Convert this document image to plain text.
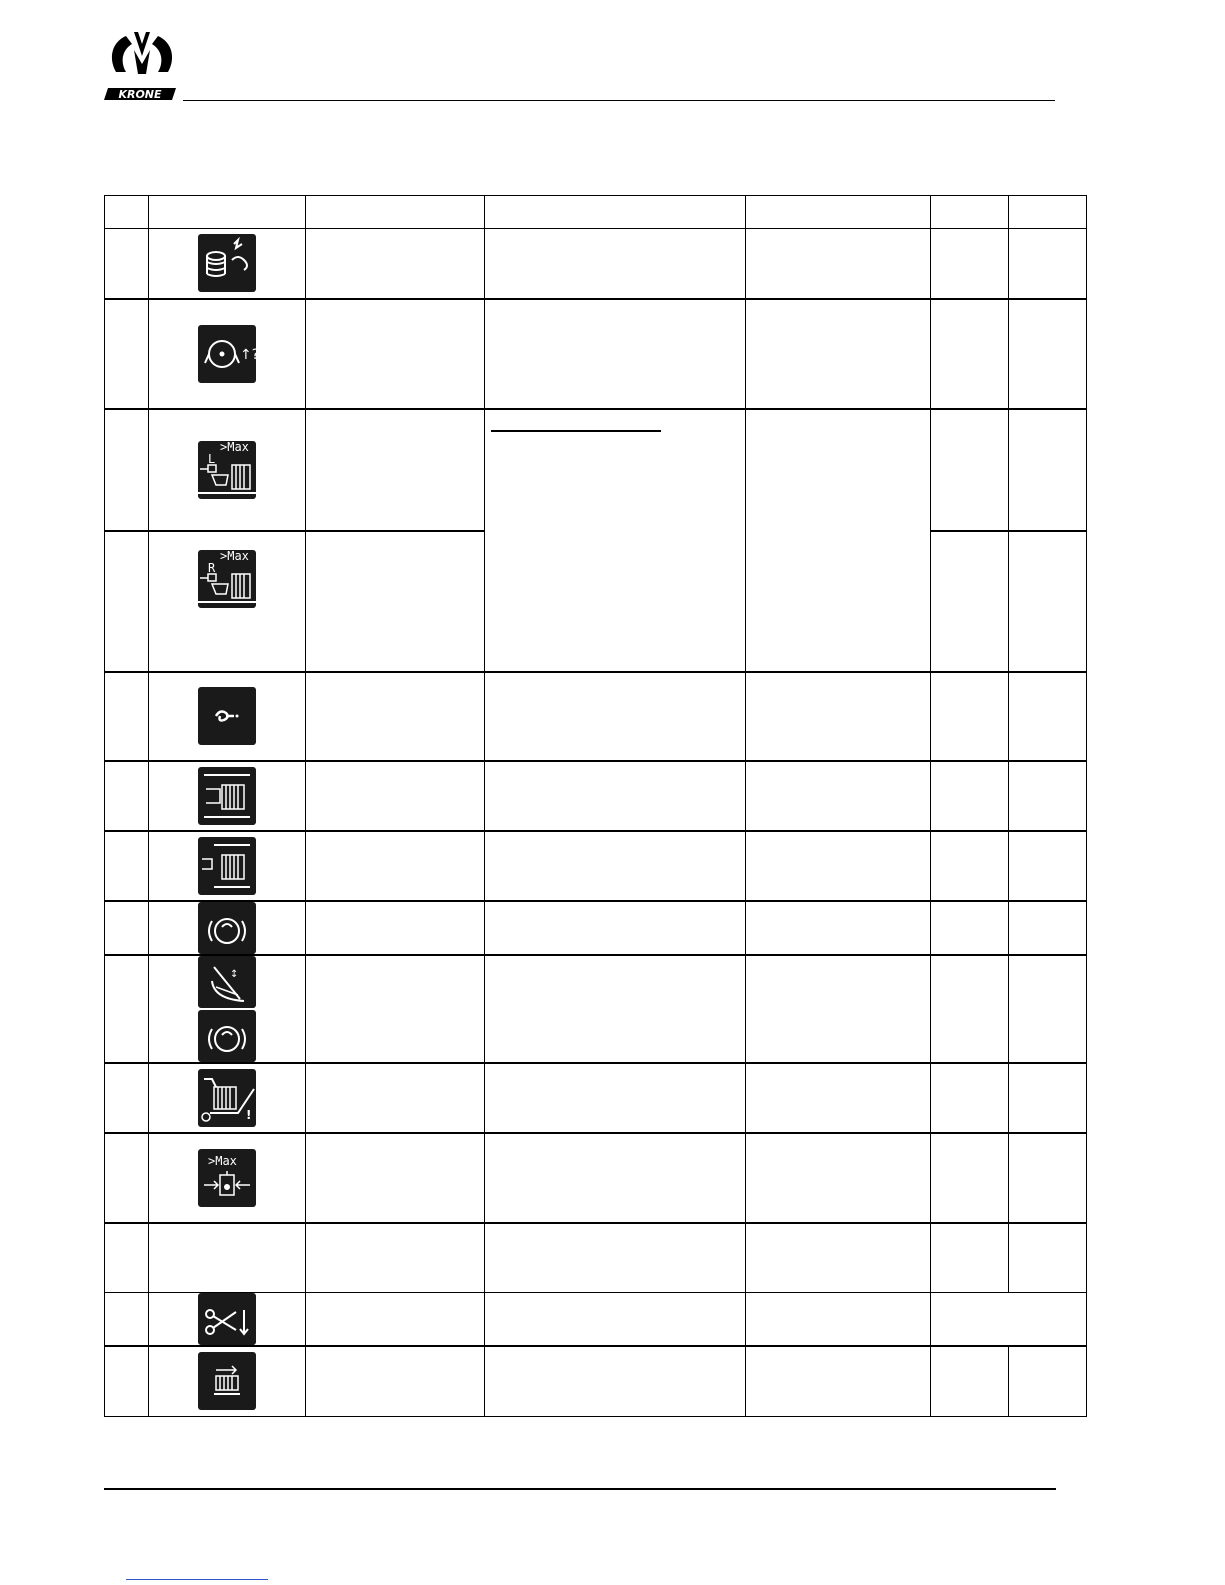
KRONE

↑?					

>Max
L					

>Max
R					

↕					

!					

>Max					
